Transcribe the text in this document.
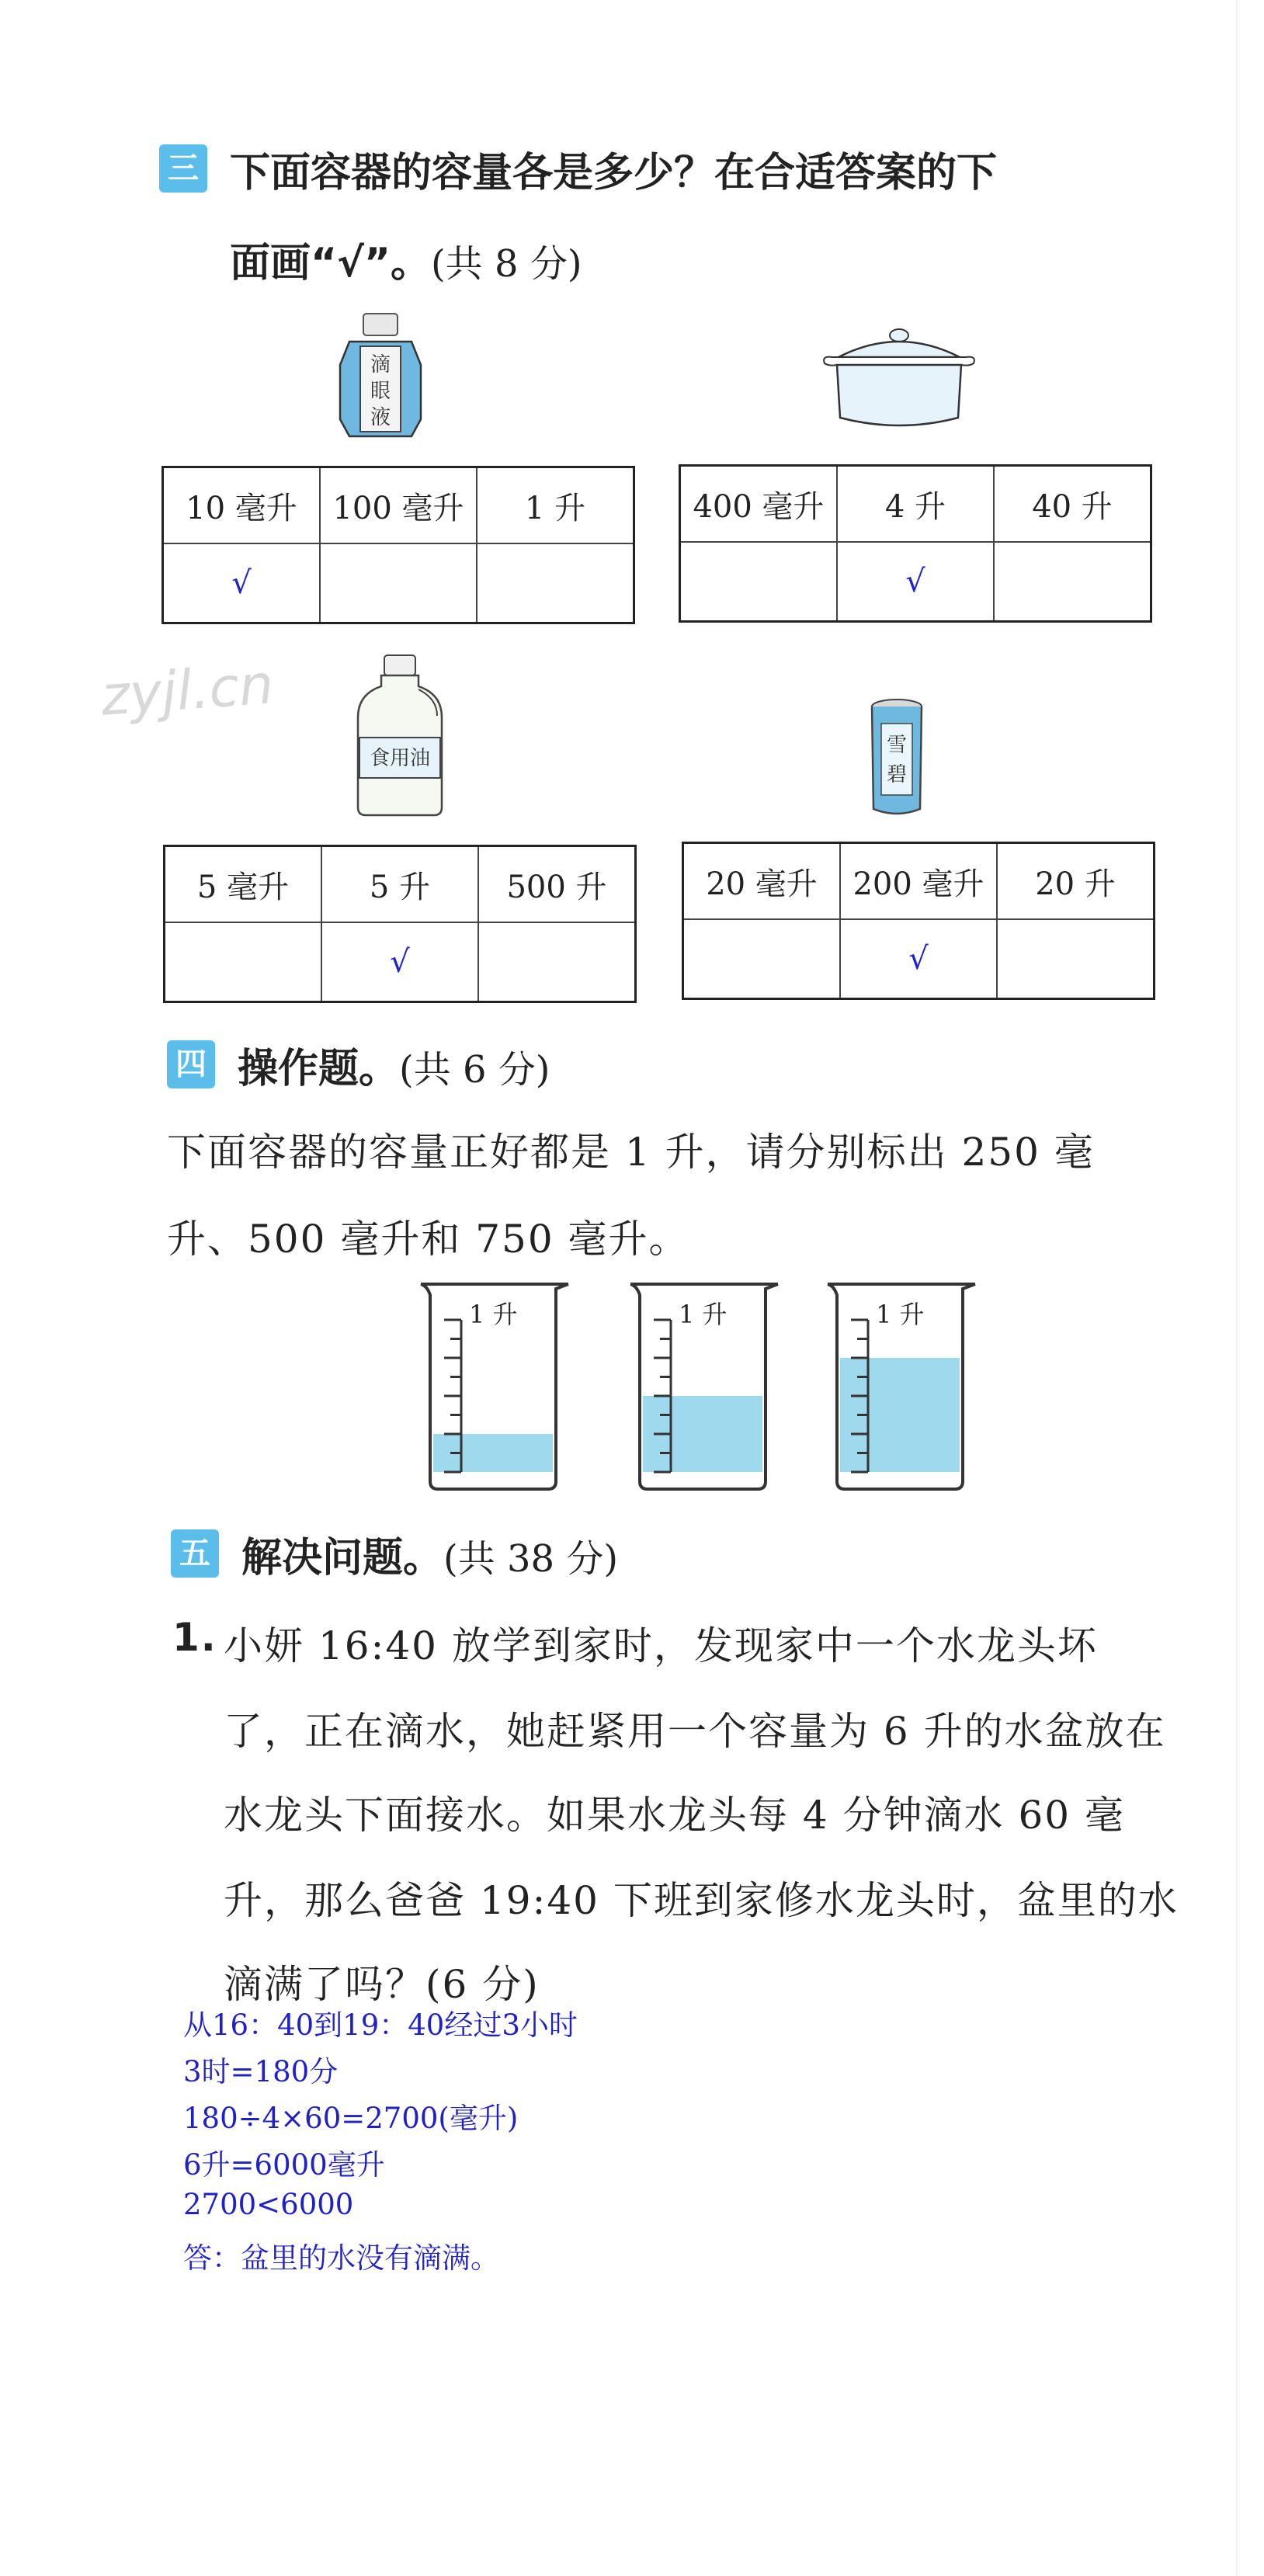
三 下面容器的容量各是多少？在合适答案的下
面画“√”。(共 8 分)
滴
眼
液
10 毫升	100 毫升	1 升
√		
400 毫升	4 升	40 升
	√	
zyjl.cn
食用油
雪
碧
5 毫升	5 升	500 升
	√	
20 毫升	200 毫升	20 升
	√	
四 操作题。(共 6 分)
下面容器的容量正好都是 1 升，请分别标出 250 毫
升、500 毫升和 750 毫升。
1 升	1 升	1 升
五 解决问题。(共 38 分)
1. 小妍 16:40 放学到家时，发现家中一个水龙头坏
了，正在滴水，她赶紧用一个容量为 6 升的水盆放在
水龙头下面接水。如果水龙头每 4 分钟滴水 60 毫
升，那么爸爸 19:40 下班到家修水龙头时，盆里的水
滴满了吗？(6 分)
从16：40到19：40经过3小时
3时=180分
180÷4×60=2700(毫升)
6升=6000毫升
2700<6000
答：盆里的水没有滴满。
